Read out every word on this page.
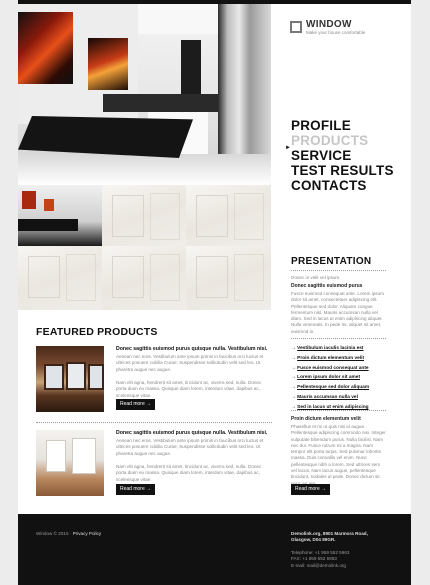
WINDOW
Make your house comfortable
►
PROFILE
PRODUCTS
SERVICE
TEST RESULTS
CONTACTS
PRESENTATION
Donec in velit vel ipsum.
Donec sagittis euismod purus
Fusce euismod consequat ante. Lorem ipsum dolor sit amet, consectetuer adipiscing elit. Pellentesque sed dolor. Aliquam congue fermentum nisl. Mauris accumsan nulla vel diam. Sed in lacus ut enim adipiscing aliquet. Nulla venenatis. In pede mi, aliquet sit amet, euismod in.
→ Vestibulum iaculis lacinia est
→ Proin dictum elementum velit
→ Fusce euismod consequat ante
→ Lorem ipsum dolor sit amet
→ Pellentesque sed dolor aliquam
→ Mauris accumsan nulla vel
→ Sed in lacus ut enim adipiscing
Proin dictum elementum velit
Phasellus et mi ut quis nisi id augue. Pellentesque adipiscing commodo nisi. Integer vulputate bibendum purus. Nulla facilisi. Nam nec dui. Fusce rutrum mi a magna. Nam tempor elit porta turpis. Sed pulvinar lobortis massa. Duis convallis vel enim. Nunc pellentesque nibh a lorem. Sed ultrices sem vel lacus. Nam lacus augue, pellentesque tincidunt, sodales ut pede. Donec dictum sit
Read more →
FEATURED PRODUCTS
Donec sagittis euismod purus quisque nulla. Vestibulum nisi.
Aenean nec eros. Vestibulum ante ipsum primis in faucibus orci luctus et ultrices posuere cubilia Curae; Suspendisse sollicitudin velit sed leo. Ut pharetra augue nec augue.
Nam elit agna, hendrerit sit amet, tincidunt ac, viverra sed, nulla. Donec porta diam eu massa. Quisque diam lorem, interdum vitae, dapibus ac, scelerisque vitae.
Read more →
Donec sagittis euismod purus quisque nulla. Vestibulum nisi.
Aenean nec eros. Vestibulum ante ipsum primis in faucibus orci luctus et ultrices posuere cubilia Curae; Suspendisse sollicitudin velit sed leo. Ut pharetra augue nec augue.
Nam elit agna, hendrerit sit amet, tincidunt ac, viverra sed, nulla. Donec porta diam eu massa. Quisque diam lorem, interdum vitae, dapibus ac, scelerisque vitae.
Read more →
Window © 2015 · Privacy Policy	Demolink.org, 8901 Marmora Road, Glasgow, D04 89GR.
Telephone: +1 959 552 5963
FAX: +1 959 552 5963
E-mail: mail@demolink.org
